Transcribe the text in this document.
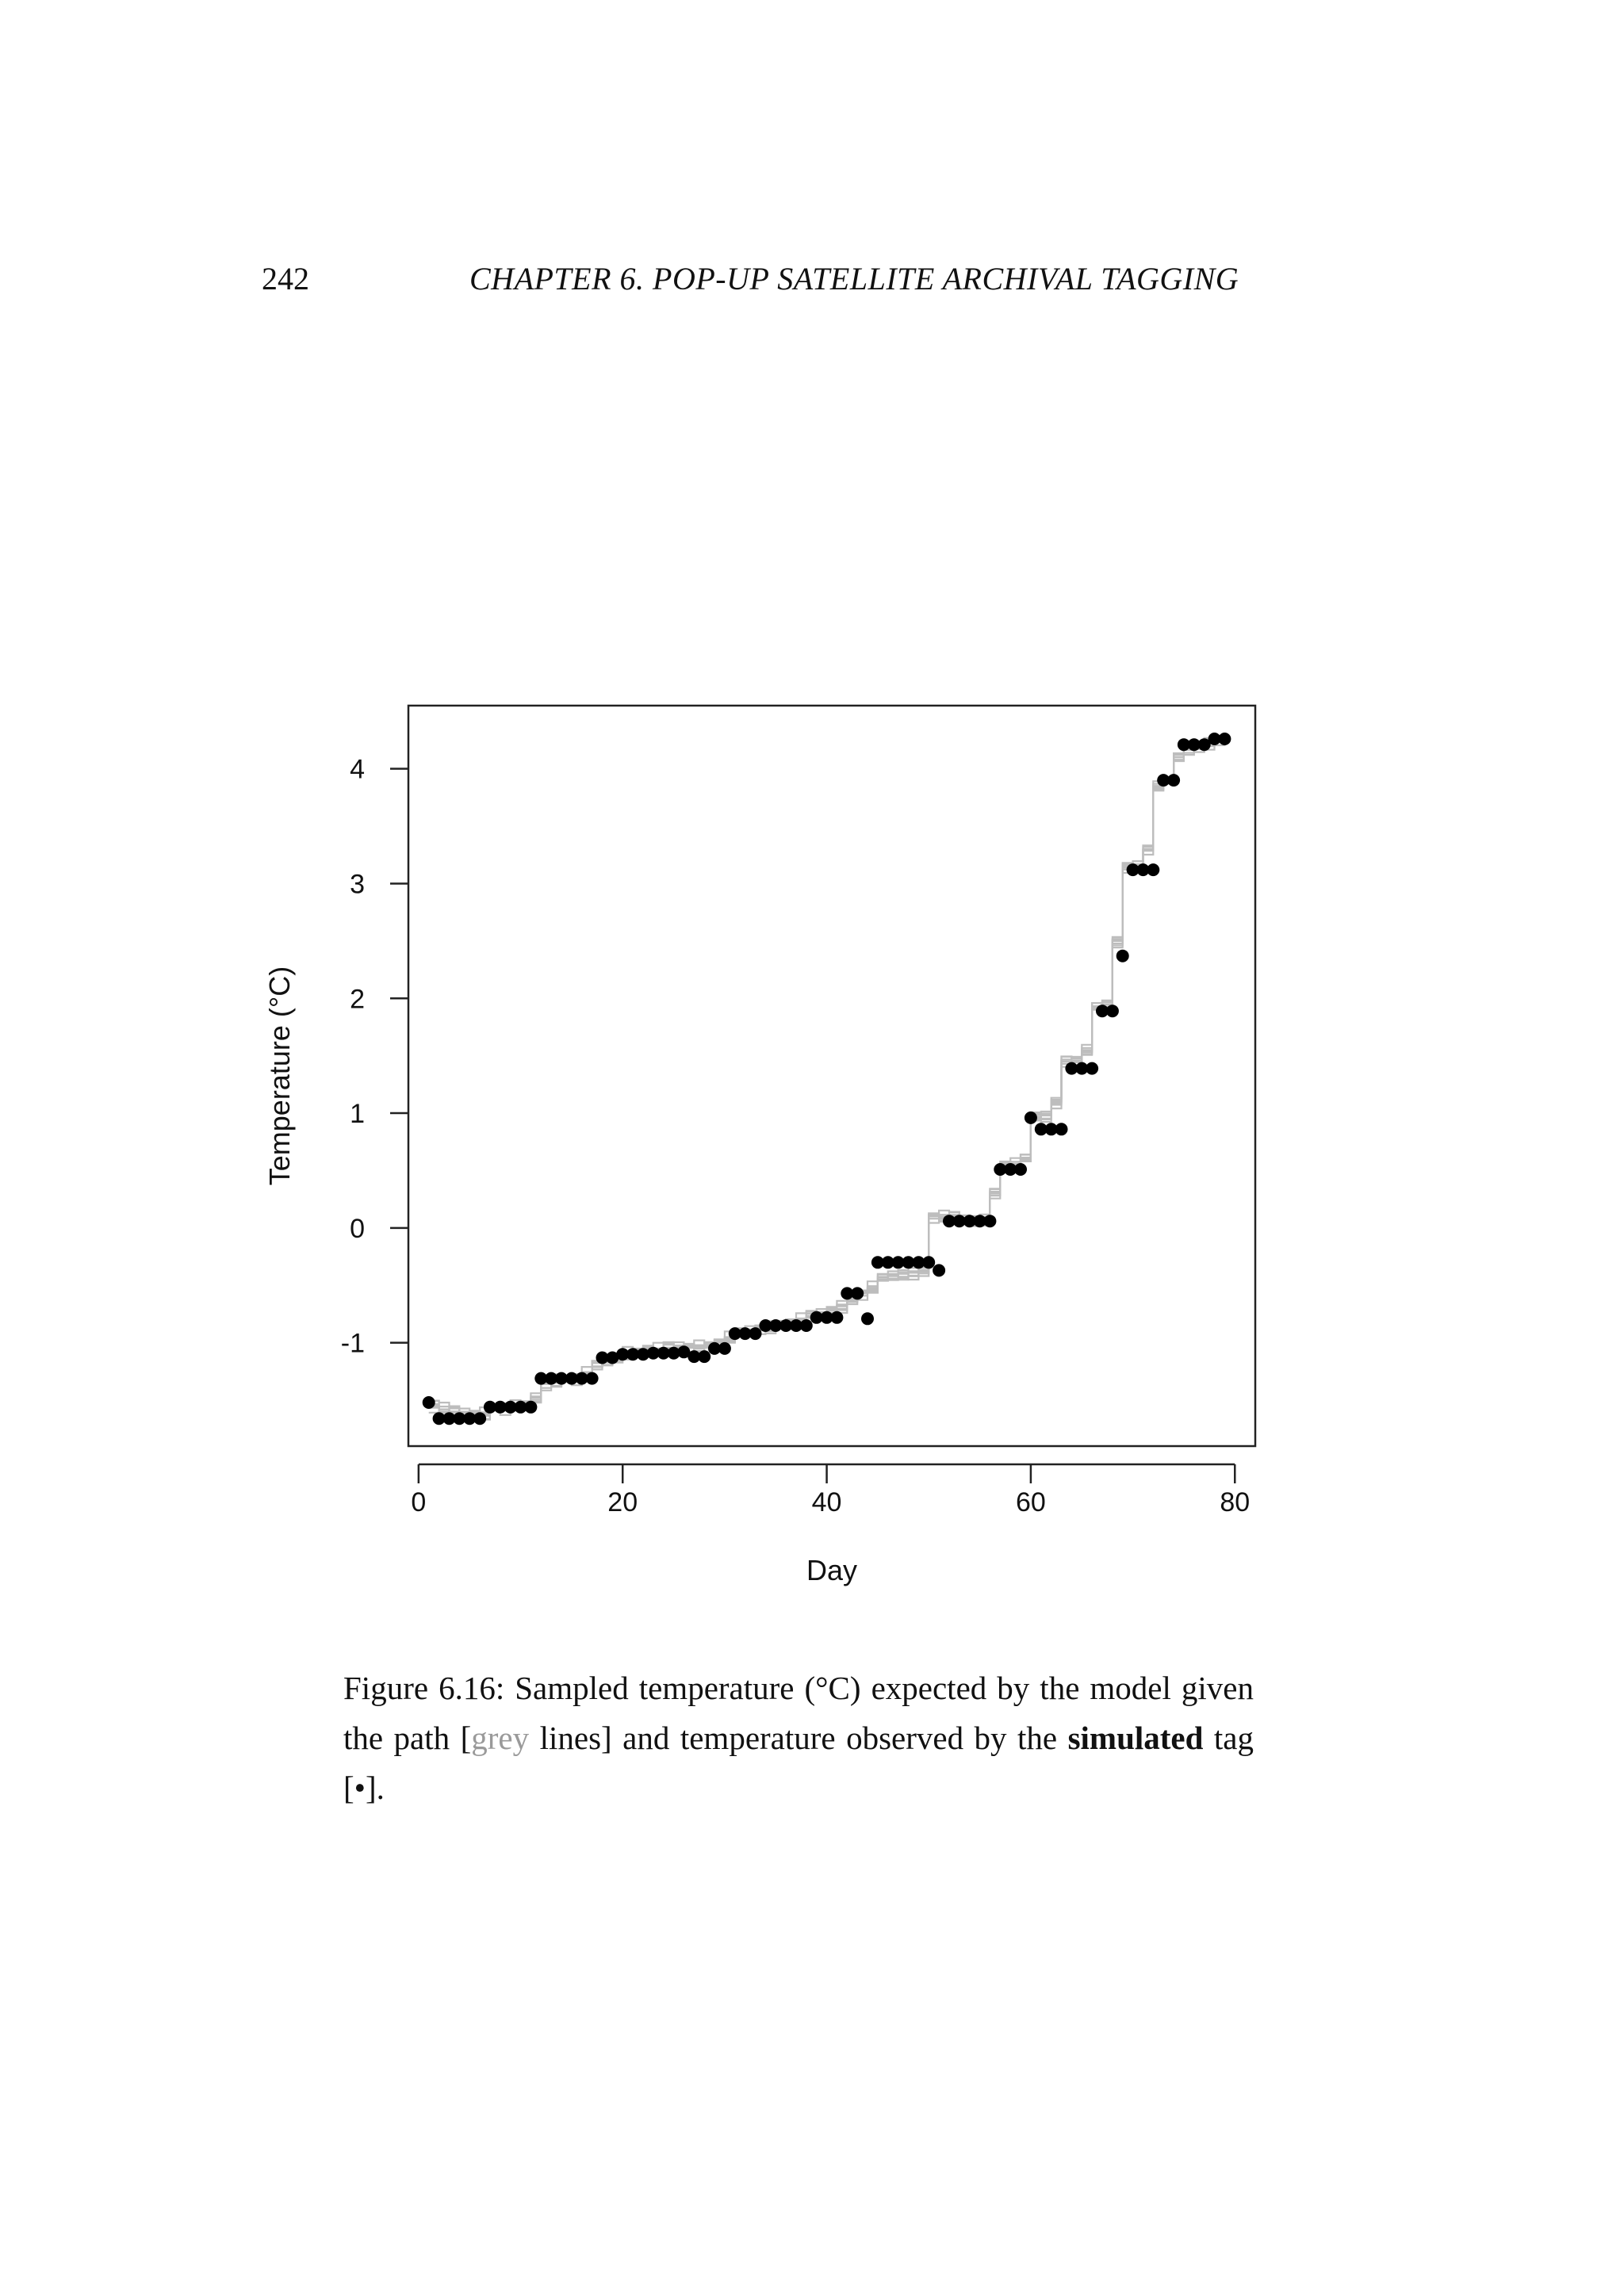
242	CHAPTER 6. POP-UP SATELLITE ARCHIVAL TAGGING
0	20	40	60	80
-1
0
1
2
3
4
Day
Temperature (°C)
Figure 6.16: Sampled temperature (°C) expected by the model given the path [grey lines] and temperature observed by the simulated tag [•].
